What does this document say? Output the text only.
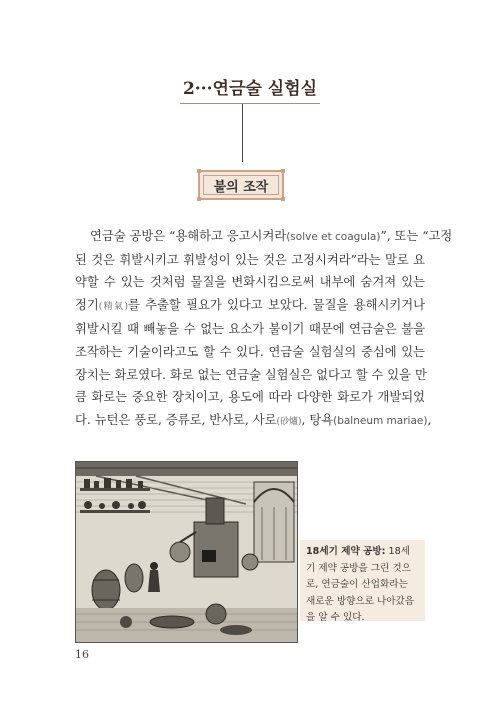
2···연금술 실험실
불의 조작
연금술 공방은 “용해하고 응고시켜라(solve et coagula)”, 또는 “고정
된 것은 휘발시키고 휘발성이 있는 것은 고정시켜라”라는 말로 요
약할 수 있는 것처럼 물질을 변화시킴으로써 내부에 숨겨져 있는
정기(精氣)를 추출할 필요가 있다고 보았다. 물질을 용해시키거나
휘발시킬 때 빼놓을 수 없는 요소가 불이기 때문에 연금술은 불을
조작하는 기술이라고도 할 수 있다. 연금술 실험실의 중심에 있는
장치는 화로였다. 화로 없는 연금술 실험실은 없다고 할 수 있을 만
큼 화로는 중요한 장치이고, 용도에 따라 다양한 화로가 개발되었
다. 뉴턴은 풍로, 증류로, 반사로, 사로(砂爐), 탕욕(balneum mariae),
18세기 제약 공방: 18세기 제약 공방을 그린 것으로, 연금술이 산업화라는 새로운 방향으로 나아갔음을 알 수 있다.
16
